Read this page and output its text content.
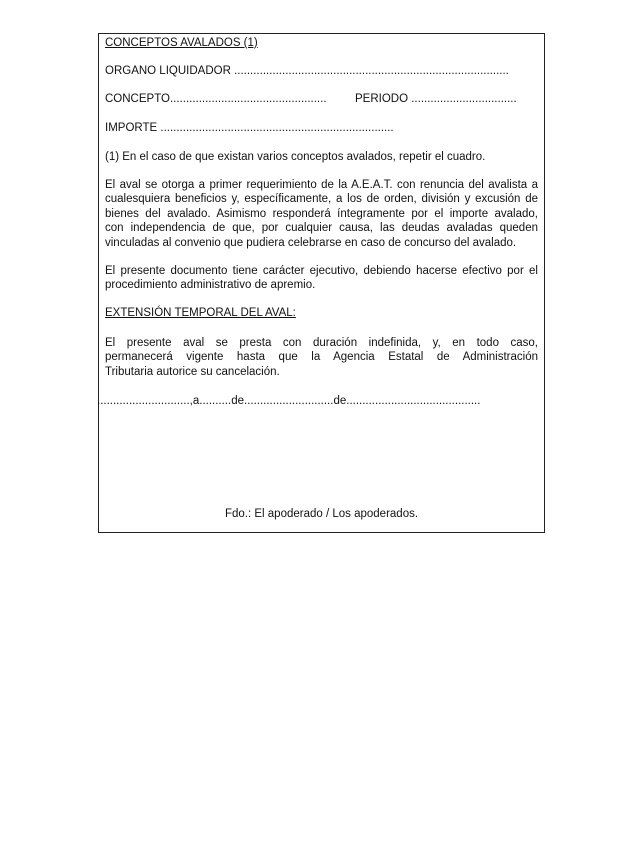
CONCEPTOS AVALADOS (1)
ORGANO LIQUIDADOR ......................................................................................
CONCEPTO................................................. PERIODO .................................
IMPORTE .........................................................................
(1) En el caso de que existan varios conceptos avalados, repetir el cuadro.
El aval se otorga a primer requerimiento de la A.E.A.T. con renuncia del avalista a
cualesquiera beneficios y, específicamente, a los de orden, división y excusión de
bienes del avalado. Asimismo responderá íntegramente por el importe avalado,
con independencia de que, por cualquier causa, las deudas avaladas queden
vinculadas al convenio que pudiera celebrarse en caso de concurso del avalado.
El presente documento tiene carácter ejecutivo, debiendo hacerse efectivo por el
procedimiento administrativo de apremio.
EXTENSIÓN TEMPORAL DEL AVAL:
El presente aval se presta con duración indefinida, y, en todo caso,
permanecerá vigente hasta que la Agencia Estatal de Administración
Tributaria autorice su cancelación.
.............................,a..........de............................de..........................................
Fdo.: El apoderado / Los apoderados.
